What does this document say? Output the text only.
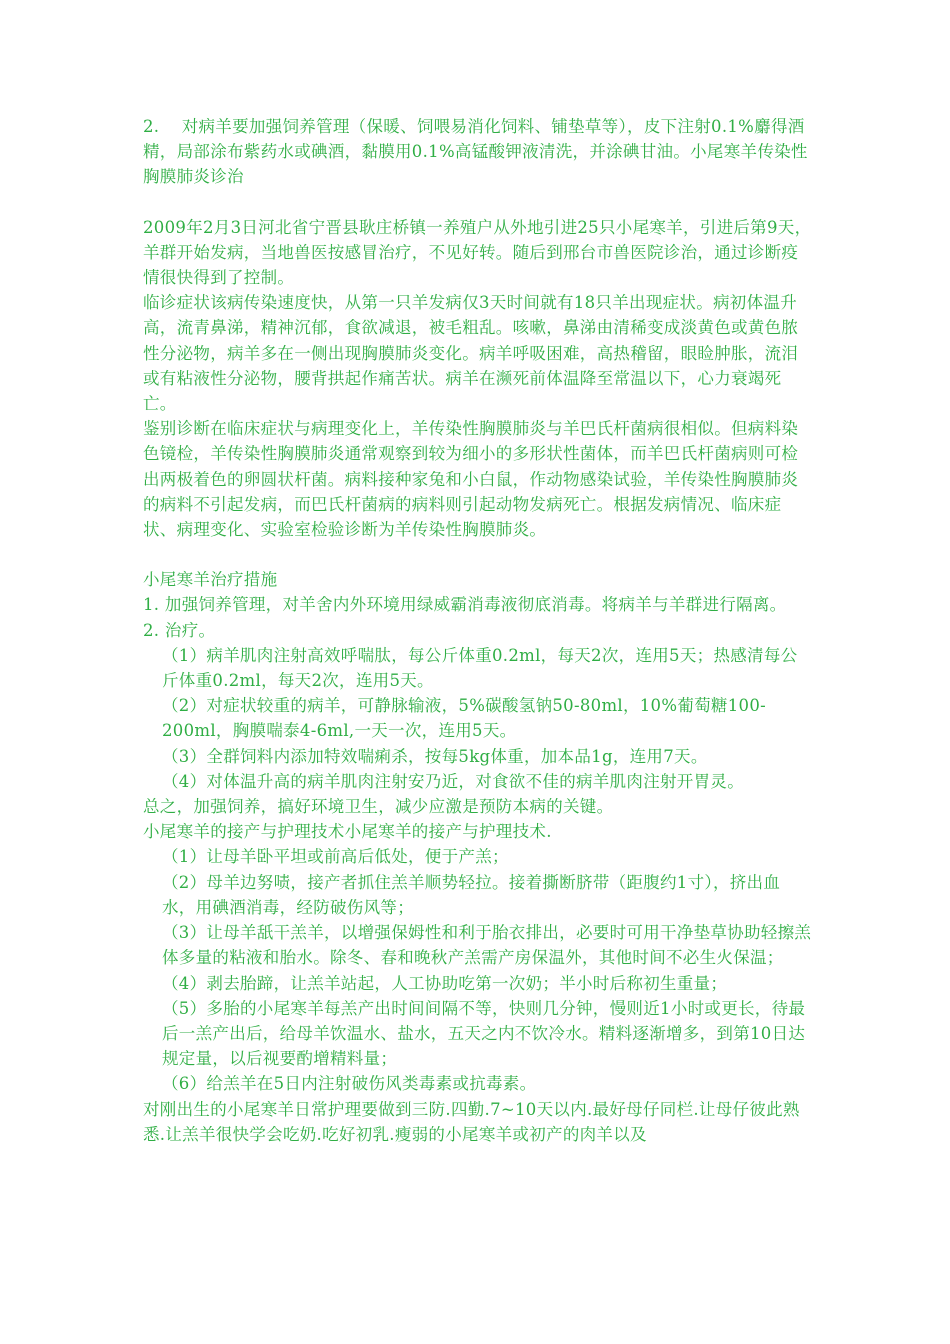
2.　 对病羊要加强饲养管理（保暖、饲喂易消化饲料、铺垫草等），皮下注射0.1%麝得酒精，局部涂布紫药水或碘酒，黏膜用0.1%高锰酸钾液清洗，并涂碘甘油。小尾寒羊传染性胸膜肺炎诊治

2009年2月3日河北省宁晋县耿庄桥镇一养殖户从外地引进25只小尾寒羊，引进后第9天，羊群开始发病，当地兽医按感冒治疗，不见好转。随后到邢台市兽医院诊治，通过诊断疫情很快得到了控制。

临诊症状该病传染速度快，从第一只羊发病仅3天时间就有18只羊出现症状。病初体温升高，流青鼻涕，精神沉郁，食欲减退，被毛粗乱。咳嗽，鼻涕由清稀变成淡黄色或黄色脓性分泌物，病羊多在一侧出现胸膜肺炎变化。病羊呼吸困难，高热稽留，眼睑肿胀，流泪或有粘液性分泌物，腰背拱起作痛苦状。病羊在濒死前体温降至常温以下，心力衰竭死亡。

鉴别诊断在临床症状与病理变化上，羊传染性胸膜肺炎与羊巴氏杆菌病很相似。但病料染色镜检，羊传染性胸膜肺炎通常观察到较为细小的多形状性菌体，而羊巴氏杆菌病则可检出两极着色的卵圆状杆菌。病料接种家兔和小白鼠，作动物感染试验，羊传染性胸膜肺炎的病料不引起发病，而巴氏杆菌病的病料则引起动物发病死亡。根据发病情况、临床症状、病理变化、实验室检验诊断为羊传染性胸膜肺炎。

小尾寒羊治疗措施

1. 加强饲养管理，对羊舍内外环境用绿威霸消毒液彻底消毒。将病羊与羊群进行隔离。

2. 治疗。

（1）病羊肌肉注射高效呼喘肽，每公斤体重0.2ml，每天2次，连用5天；热感清每公斤体重0.2ml，每天2次，连用5天。

（2）对症状较重的病羊，可静脉输液，5%碳酸氢钠50-80ml，10%葡萄糖100-200ml，胸膜喘泰4-6ml,一天一次，连用5天。

（3）全群饲料内添加特效喘痢杀，按每5kg体重，加本品1g，连用7天。

（4）对体温升高的病羊肌肉注射安乃近，对食欲不佳的病羊肌肉注射开胃灵。

总之，加强饲养，搞好环境卫生，减少应激是预防本病的关键。

小尾寒羊的接产与护理技术小尾寒羊的接产与护理技术.

（1）让母羊卧平坦或前高后低处，便于产羔；

（2）母羊边努啧，接产者抓住羔羊顺势轻拉。接着撕断脐带（距腹约1寸），挤出血水，用碘酒消毒，经防破伤风等；

（3）让母羊舐干羔羊，以增强保姆性和利于胎衣排出，必要时可用干净垫草协助轻擦羔体多量的粘液和胎水。除冬、春和晚秋产羔需产房保温外，其他时间不必生火保温；

（4）剥去胎蹄，让羔羊站起，人工协助吃第一次奶；半小时后称初生重量；

（5）多胎的小尾寒羊每羔产出时间间隔不等，快则几分钟，慢则近1小时或更长，待最后一羔产出后，给母羊饮温水、盐水，五天之内不饮冷水。精料逐渐增多，到第10日达规定量，以后视要酌增精料量；

（6）给羔羊在5日内注射破伤风类毒素或抗毒素。

对刚出生的小尾寒羊日常护理要做到三防.四勤.7~10天以内.最好母仔同栏.让母仔彼此熟悉.让羔羊很快学会吃奶.吃好初乳.瘦弱的小尾寒羊或初产的肉羊以及
